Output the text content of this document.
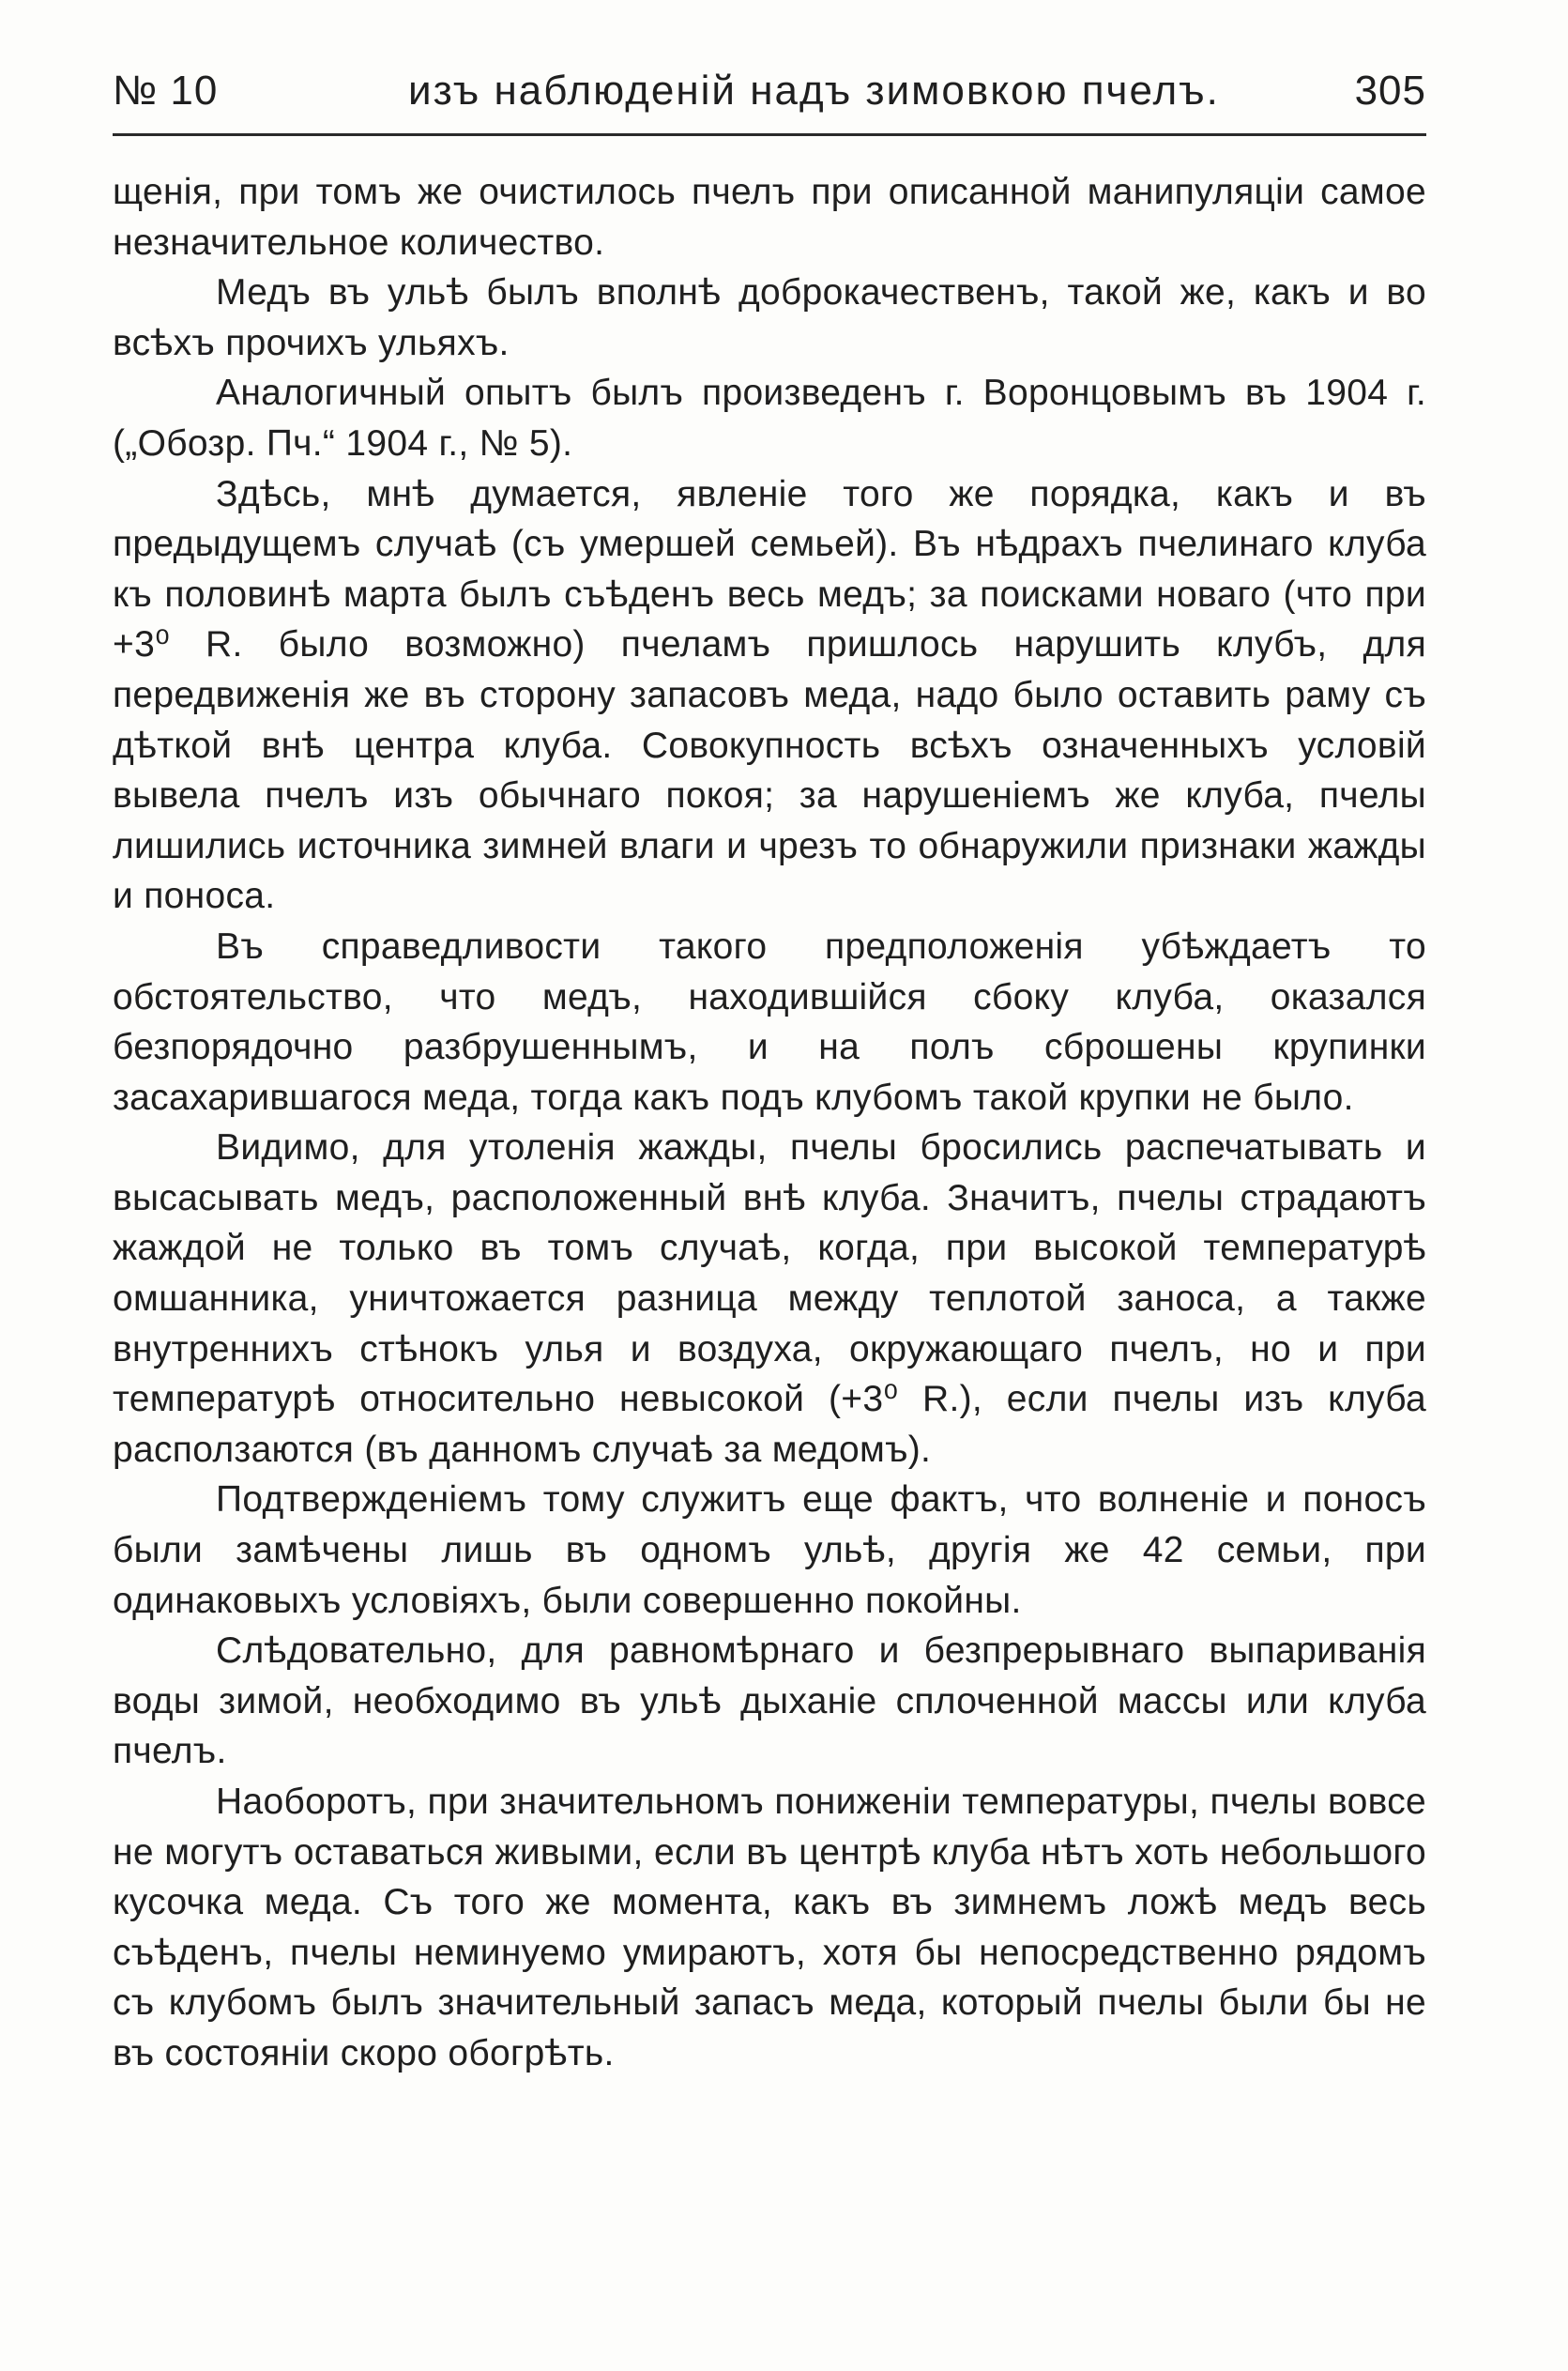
№ 10	изъ наблюденій надъ зимовкою пчелъ.	305

щенія, при томъ же очистилось пчелъ при описанной манипуляціи самое незначительное количество.

Медъ въ ульѣ былъ вполнѣ доброкачественъ, такой же, какъ и во всѣхъ прочихъ ульяхъ.

Аналогичный опытъ былъ произведенъ г. Воронцовымъ въ 1904 г. („Обозр. Пч.“ 1904 г., № 5).

Здѣсь, мнѣ думается, явленіе того же порядка, какъ и въ предыдущемъ случаѣ (съ умершей семьей). Въ нѣдрахъ пчелинаго клуба къ половинѣ марта былъ съѣденъ весь медъ; за поисками новаго (что при +3⁰ R. было возможно) пчеламъ пришлось нарушить клубъ, для передвиженія же въ сторону запасовъ меда, надо было оставить раму съ дѣткой внѣ центра клуба. Совокупность всѣхъ означенныхъ условій вывела пчелъ изъ обычнаго покоя; за нарушеніемъ же клуба, пчелы лишились источника зимней влаги и чрезъ то обнаружили признаки жажды и поноса.

Въ справедливости такого предположенія убѣждаетъ то обстоятельство, что медъ, находившійся сбоку клуба, оказался безпорядочно разбрушеннымъ, и на полъ сброшены крупинки засахарившагося меда, тогда какъ подъ клубомъ такой крупки не было.

Видимо, для утоленія жажды, пчелы бросились распечатывать и высасывать медъ, расположенный внѣ клуба. Значитъ, пчелы страдаютъ жаждой не только въ томъ случаѣ, когда, при высокой температурѣ омшанника, уничтожается разница между теплотой заноса, а также внутреннихъ стѣнокъ улья и воздуха, окружающаго пчелъ, но и при температурѣ относительно невысокой (+3⁰ R.), если пчелы изъ клуба расползаются (въ данномъ случаѣ за медомъ).

Подтвержденіемъ тому служитъ еще фактъ, что волненіе и поносъ были замѣчены лишь въ одномъ ульѣ, другія же 42 семьи, при одинаковыхъ условіяхъ, были совершенно покойны.

Слѣдовательно, для равномѣрнаго и безпрерывнаго выпариванія воды зимой, необходимо въ ульѣ дыханіе сплоченной массы или клуба пчелъ.

Наоборотъ, при значительномъ пониженіи температуры, пчелы вовсе не могутъ оставаться живыми, если въ центрѣ клуба нѣтъ хоть небольшого кусочка меда. Съ того же момента, какъ въ зимнемъ ложѣ медъ весь съѣденъ, пчелы неминуемо умираютъ, хотя бы непосредственно рядомъ съ клубомъ былъ значительный запасъ меда, который пчелы были бы не въ состояніи скоро обогрѣть.
